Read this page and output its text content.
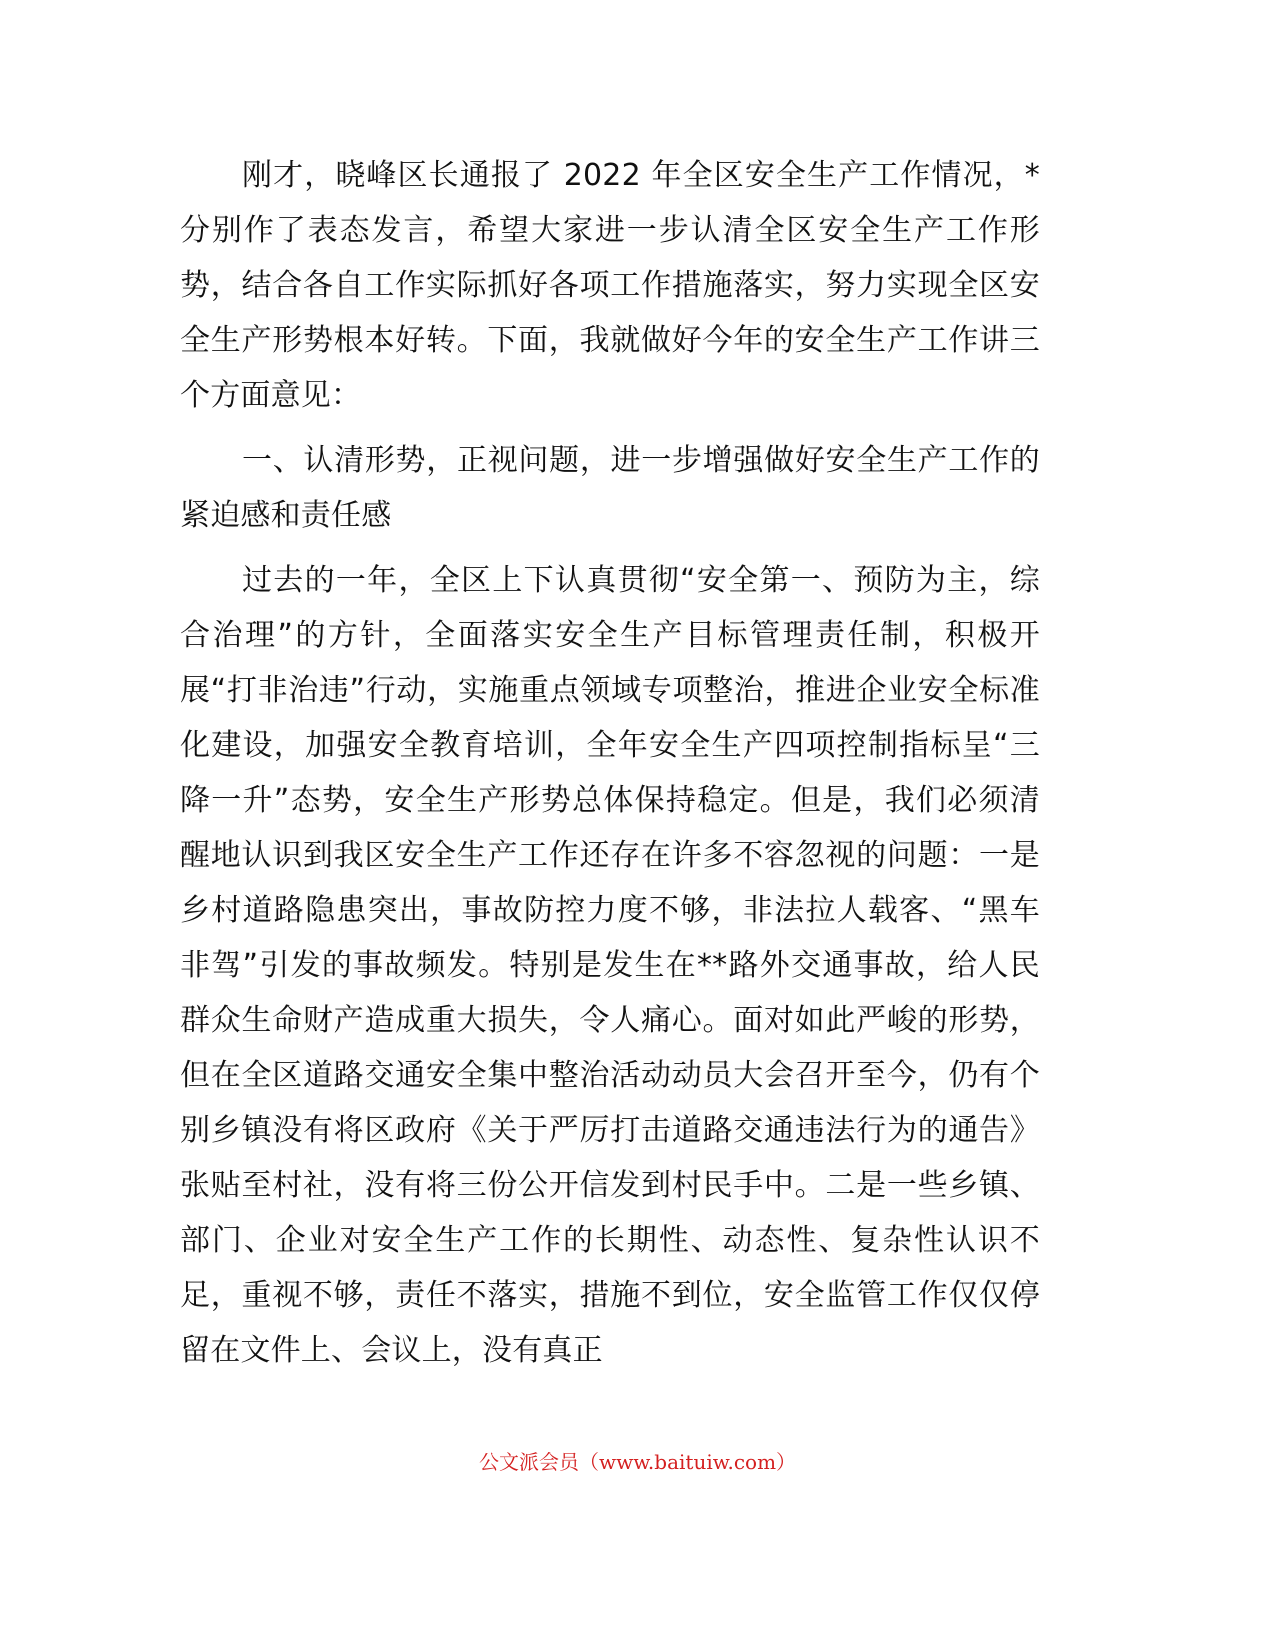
刚才，晓峰区长通报了 2022 年全区安全生产工作情况，*分别作了表态发言，希望大家进一步认清全区安全生产工作形势，结合各自工作实际抓好各项工作措施落实，努力实现全区安全生产形势根本好转。下面，我就做好今年的安全生产工作讲三个方面意见：

一、认清形势，正视问题，进一步增强做好安全生产工作的紧迫感和责任感

过去的一年，全区上下认真贯彻“安全第一、预防为主，综合治理”的方针，全面落实安全生产目标管理责任制，积极开展“打非治违”行动，实施重点领域专项整治，推进企业安全标准化建设，加强安全教育培训，全年安全生产四项控制指标呈“三降一升”态势，安全生产形势总体保持稳定。但是，我们必须清醒地认识到我区安全生产工作还存在许多不容忽视的问题：一是乡村道路隐患突出，事故防控力度不够，非法拉人载客、“黑车非驾”引发的事故频发。特别是发生在**路外交通事故，给人民群众生命财产造成重大损失，令人痛心。面对如此严峻的形势，但在全区道路交通安全集中整治活动动员大会召开至今，仍有个别乡镇没有将区政府《关于严厉打击道路交通违法行为的通告》张贴至村社，没有将三份公开信发到村民手中。二是一些乡镇、部门、企业对安全生产工作的长期性、动态性、复杂性认识不足，重视不够，责任不落实，措施不到位，安全监管工作仅仅停留在文件上、会议上，没有真正

公文派会员（www.baituiw.com）
